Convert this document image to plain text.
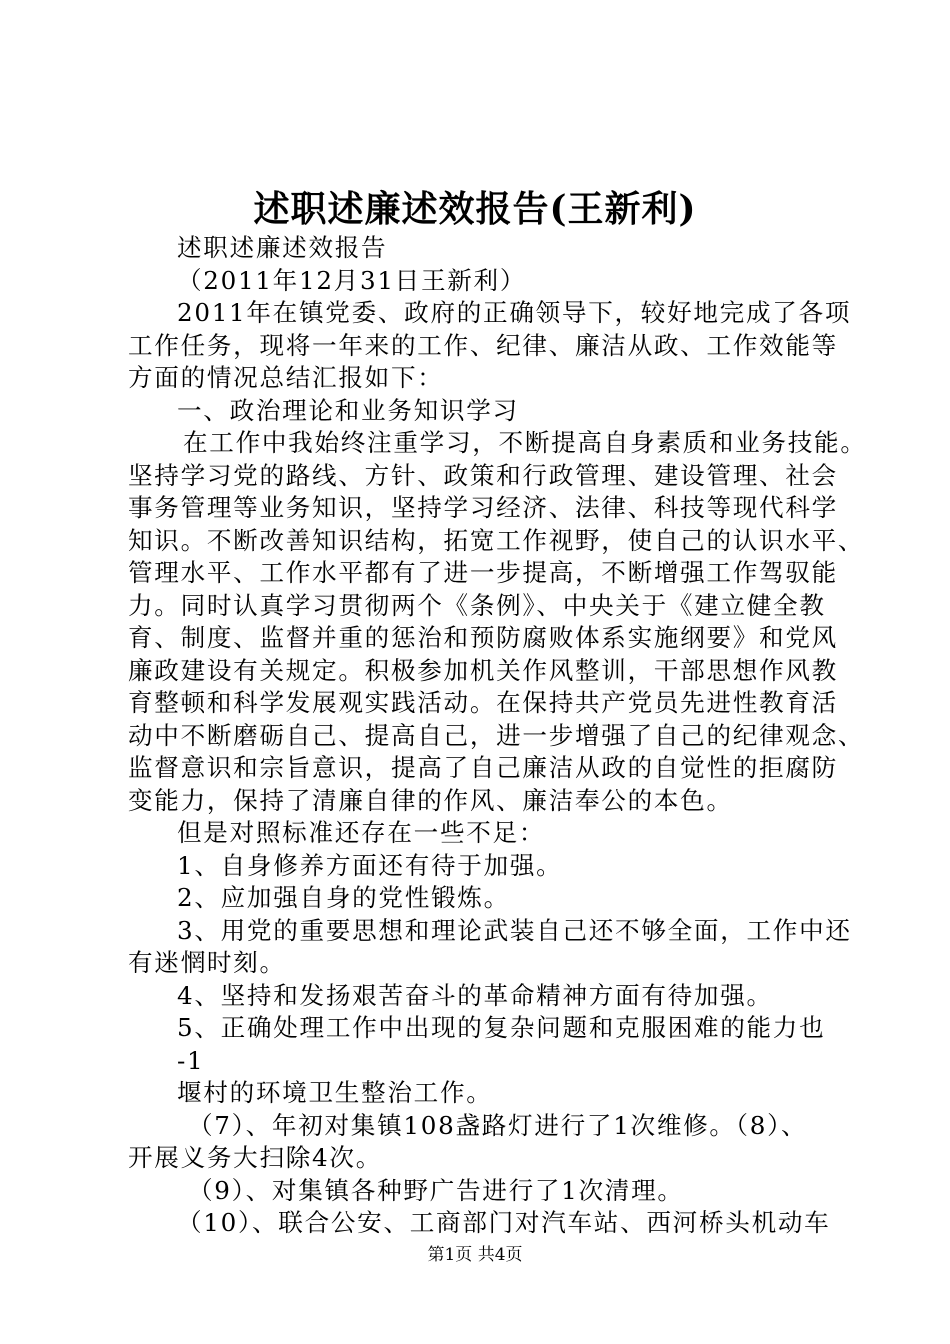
述职述廉述效报告(王新利)
述职述廉述效报告
（2011年12月31日王新利）
2011年在镇党委、政府的正确领导下，较好地完成了各项
工作任务，现将一年来的工作、纪律、廉洁从政、工作效能等
方面的情况总结汇报如下：
一、政治理论和业务知识学习
在工作中我始终注重学习，不断提高自身素质和业务技能。
坚持学习党的路线、方针、政策和行政管理、建设管理、社会
事务管理等业务知识，坚持学习经济、法律、科技等现代科学
知识。不断改善知识结构，拓宽工作视野，使自己的认识水平、
管理水平、工作水平都有了进一步提高，不断增强工作驾驭能
力。同时认真学习贯彻两个《条例》、中央关于《建立健全教
育、制度、监督并重的惩治和预防腐败体系实施纲要》和党风
廉政建设有关规定。积极参加机关作风整训，干部思想作风教
育整顿和科学发展观实践活动。在保持共产党员先进性教育活
动中不断磨砺自己、提高自己，进一步增强了自己的纪律观念、
监督意识和宗旨意识，提高了自己廉洁从政的自觉性的拒腐防
变能力，保持了清廉自律的作风、廉洁奉公的本色。
但是对照标准还存在一些不足：
1、自身修养方面还有待于加强。
2、应加强自身的党性锻炼。
3、用党的重要思想和理论武装自己还不够全面，工作中还
有迷惘时刻。
4、坚持和发扬艰苦奋斗的革命精神方面有待加强。
5、正确处理工作中出现的复杂问题和克服困难的能力也
-1
堰村的环境卫生整治工作。
（7）、年初对集镇108盏路灯进行了1次维修。（8）、
开展义务大扫除4次。
（9）、对集镇各种野广告进行了1次清理。
（10）、联合公安、工商部门对汽车站、西河桥头机动车
第1页 共4页
